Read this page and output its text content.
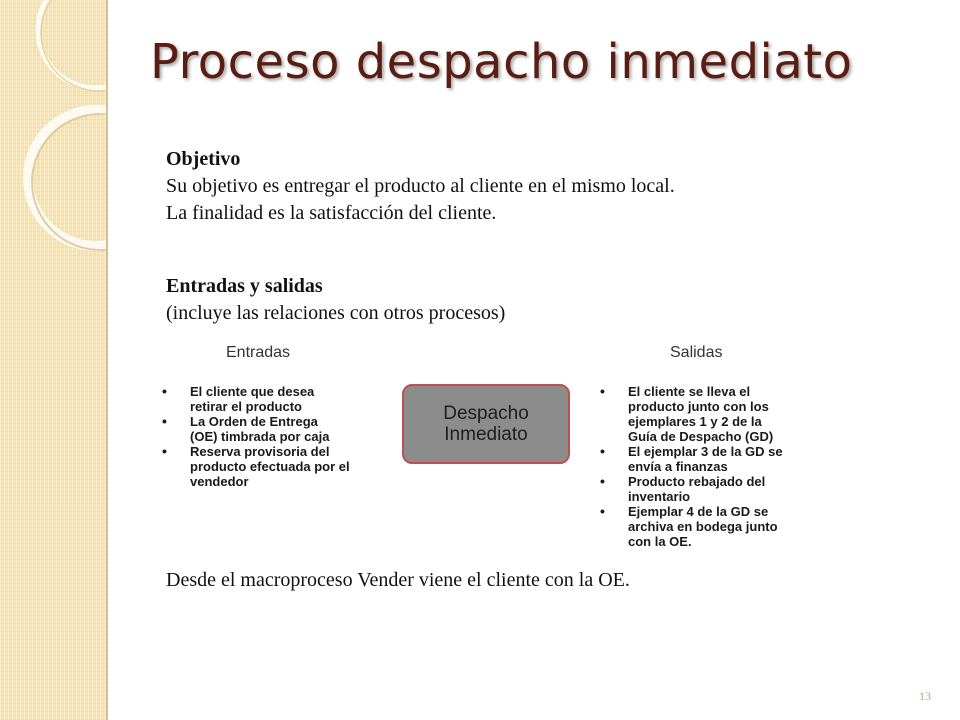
Proceso despacho inmediato
Objetivo
Su objetivo es entregar el producto al cliente en el mismo local.
La finalidad es la satisfacción del cliente.
Entradas y salidas
(incluye las relaciones con otros procesos)
Entradas	Salidas
• El cliente que desea
retirar el producto
• La Orden de Entrega
(OE) timbrada por caja
• Reserva provisoria del
producto efectuada por el
vendedor
Despacho
Inmediato
• El cliente se lleva el
producto junto con los
ejemplares 1 y 2 de la
Guía de Despacho (GD)
• El ejemplar 3 de la GD se
envía a finanzas
• Producto rebajado del
inventario
• Ejemplar 4 de la GD se
archiva en bodega junto
con la OE.
Desde el macroproceso Vender viene el cliente con la OE.
13
